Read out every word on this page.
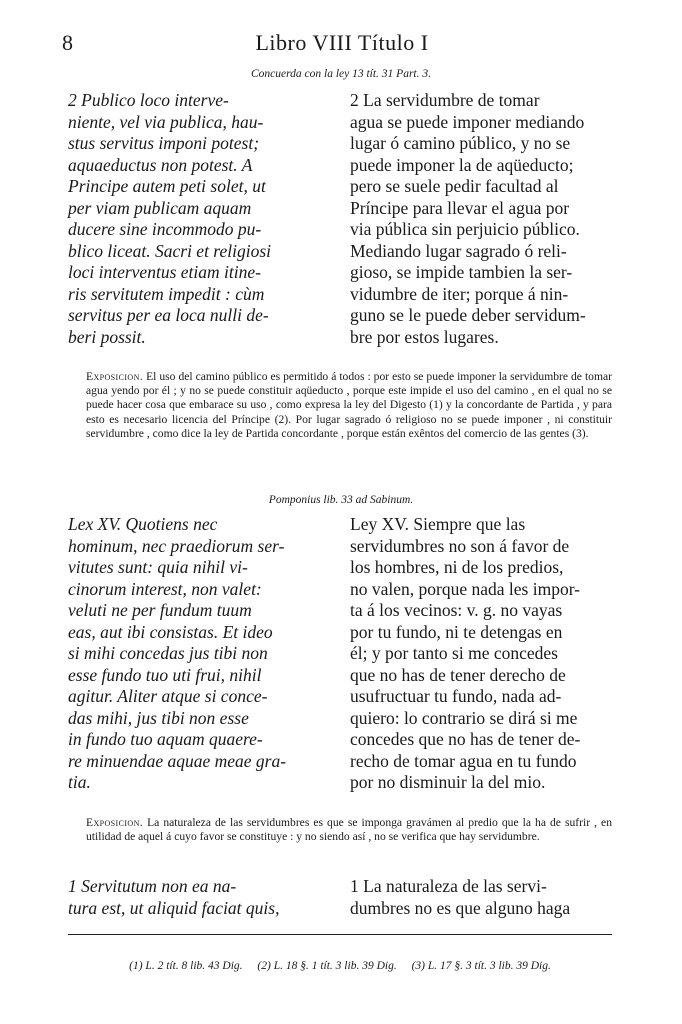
8	Libro VIII Título I
Concuerda con la ley 13 tít. 31 Part. 3.

2 Publico loco interve-

niente, vel via publica, hau-

stus servitus imponi potest;

aquaeductus non potest. A

Principe autem peti solet, ut

per viam publicam aquam

ducere sine incommodo pu-

blico liceat. Sacri et religiosi

loci interventus etiam itine-

ris servitutem impedit : cùm

servitus per ea loca nulli de-

beri possit.

2 La servidumbre de tomar

agua se puede imponer mediando

lugar ó camino público, y no se

puede imponer la de aqüeducto;

pero se suele pedir facultad al

Príncipe para llevar el agua por

via pública sin perjuicio público.

Mediando lugar sagrado ó reli-

gioso, se impide tambien la ser-

vidumbre de iter; porque á nin-

guno se le puede deber servidum-

bre por estos lugares.

Exposicion. El uso del camino público es permitido á todos : por esto se puede imponer la servidumbre de tomar agua yendo por él ; y no se puede constituir aqüeducto , porque este impide el uso del camino , en el qual no se puede hacer cosa que embarace su uso , como expresa la ley del Digesto (1) y la concordante de Partida , y para esto es necesario licencia del Príncipe (2). Por lugar sagrado ó religioso no se puede imponer , ni constituir servidumbre , como dice la ley de Partida concordante , porque están exêntos del comercio de las gentes (3).
Pomponius lib. 33 ad Sabinum.

Lex XV. Quotiens nec

hominum, nec praediorum ser-

vitutes sunt: quia nihil vi-

cinorum interest, non valet:

veluti ne per fundum tuum

eas, aut ibi consistas. Et ideo

si mihi concedas jus tibi non

esse fundo tuo uti frui, nihil

agitur. Aliter atque si conce-

das mihi, jus tibi non esse

in fundo tuo aquam quaere-

re minuendae aquae meae gra-

tia.

Ley XV. Siempre que las

servidumbres no son á favor de

los hombres, ni de los predios,

no valen, porque nada les impor-

ta á los vecinos: v. g. no vayas

por tu fundo, ni te detengas en

él; y por tanto si me concedes

que no has de tener derecho de

usufructuar tu fundo, nada ad-

quiero: lo contrario se dirá si me

concedes que no has de tener de-

recho de tomar agua en tu fundo

por no disminuir la del mio.

Exposicion. La naturaleza de las servidumbres es que se imponga gravámen al predio que la ha de sufrir , en utilidad de aquel á cuyo favor se constituye : y no siendo así , no se verifica que hay servidumbre.

1 Servitutum non ea na-

tura est, ut aliquid faciat quis,

1 La naturaleza de las servi-

dumbres no es que alguno haga

(1) L. 2 tít. 8 lib. 43 Dig. (2) L. 18 §. 1 tít. 3 lib. 39 Dig. (3) L. 17 §. 3 tít. 3 lib. 39 Dig.
